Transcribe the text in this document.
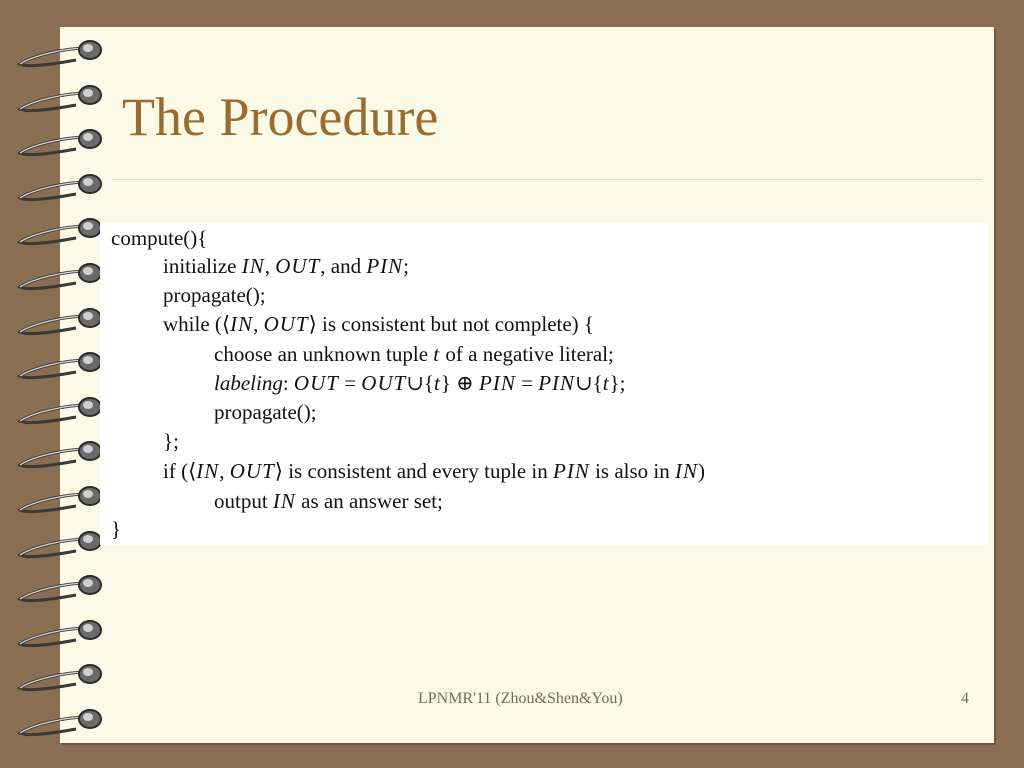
The Procedure
compute(){
initialize IN, OUT, and PIN;
propagate();
while (⟨IN, OUT⟩ is consistent but not complete) {
choose an unknown tuple t of a negative literal;
labeling: OUT = OUT∪{t} ⊕ PIN = PIN∪{t};
propagate();
};
if (⟨IN, OUT⟩ is consistent and every tuple in PIN is also in IN)
output IN as an answer set;
}
LPNMR'11 (Zhou&Shen&You)	4
